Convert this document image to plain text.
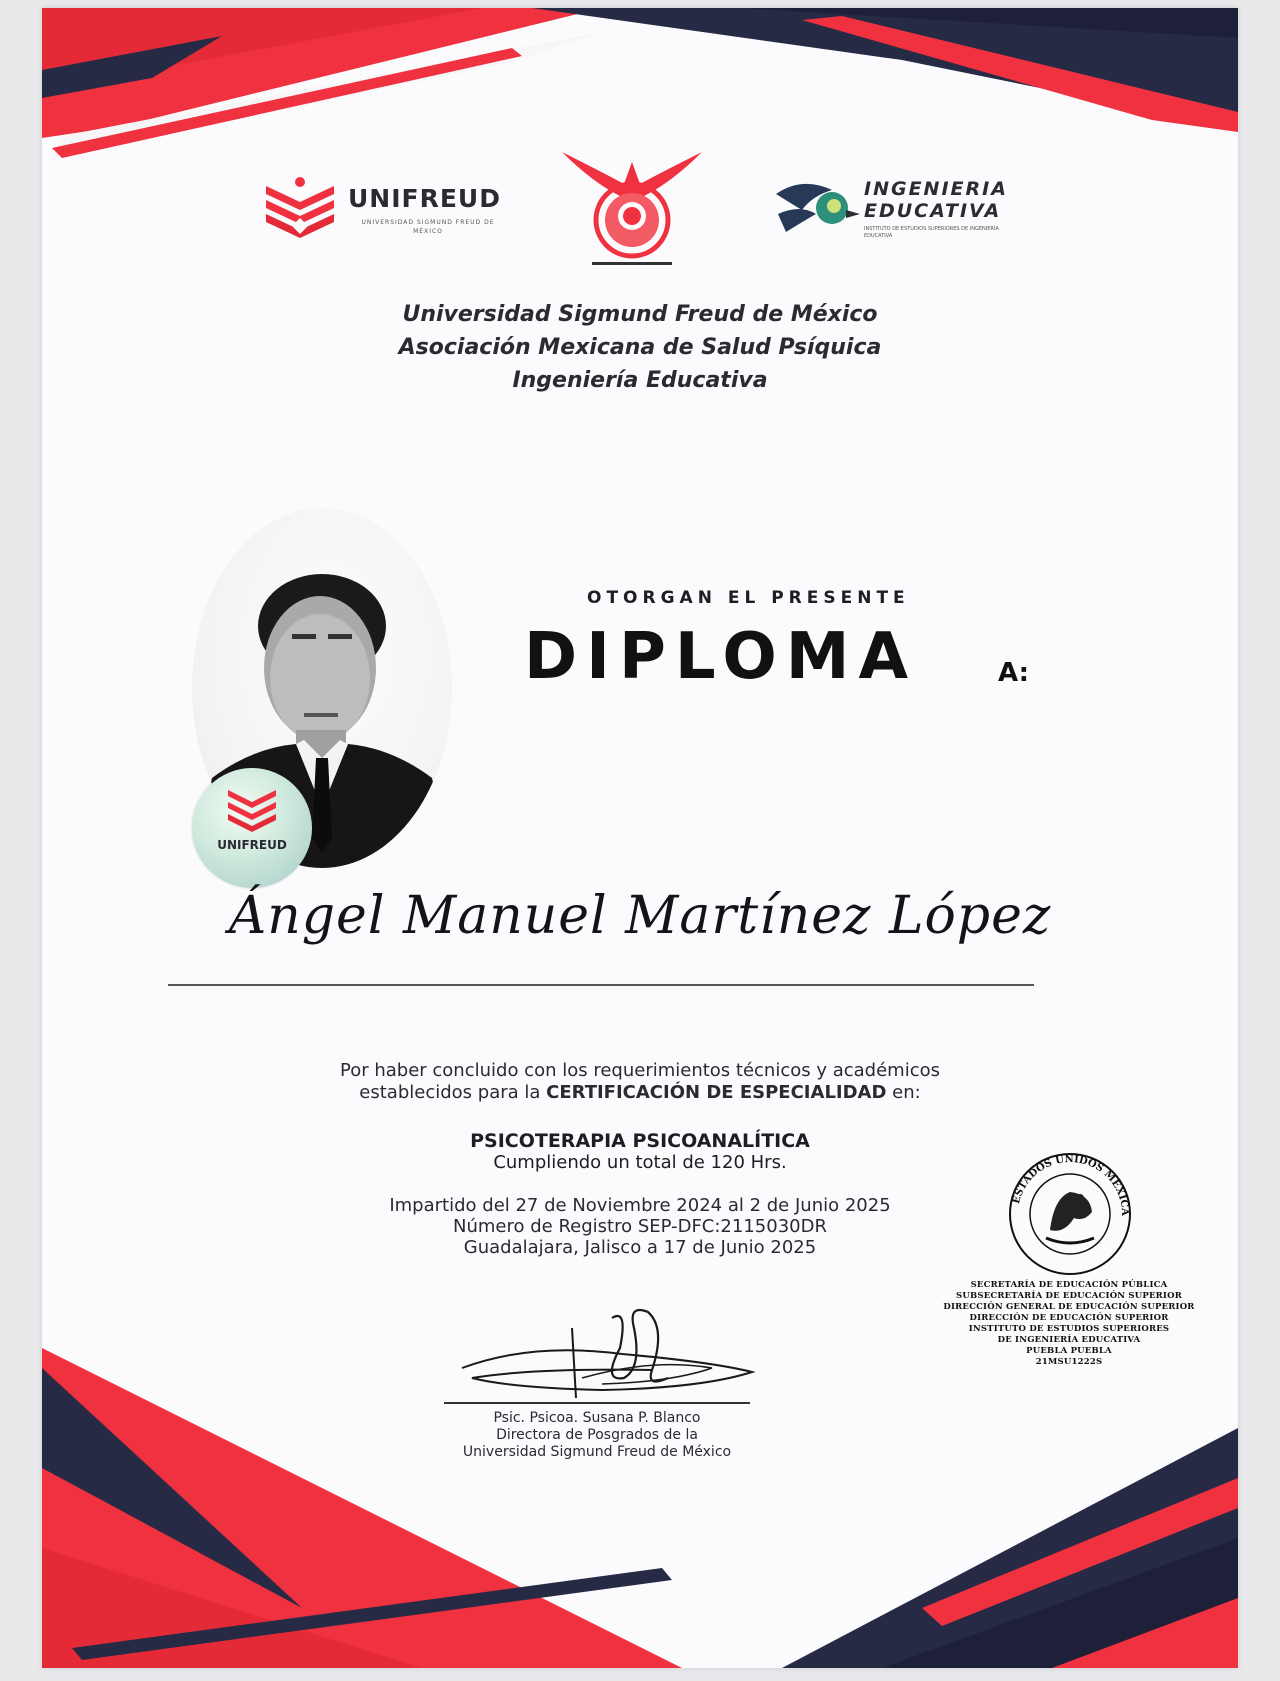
UNIFREUD
UNIVERSIDAD SIGMUND FREUD DE MÉXICO
INGENIERIA
EDUCATIVA
INSTITUTO DE ESTUDIOS SUPERIORES DE INGENIERÍA EDUCATIVA
Universidad Sigmund Freud de México
Asociación Mexicana de Salud Psíquica
Ingeniería Educativa
UNIFREUD
OTORGAN EL PRESENTE
DIPLOMA	A:
Ángel Manuel Martínez López
Por haber concluido con los requerimientos técnicos y académicos
establecidos para la CERTIFICACIÓN DE ESPECIALIDAD en:
PSICOTERAPIA PSICOANALÍTICA
Cumpliendo un total de 120 Hrs.
Impartido del 27 de Noviembre 2024 al 2 de Junio 2025
Número de Registro SEP-DFC:2115030DR
Guadalajara, Jalisco a 17 de Junio 2025
ESTADOS UNIDOS MEXICA
SECRETARÍA DE EDUCACIÓN PÚBLICA
SUBSECRETARÍA DE EDUCACIÓN SUPERIOR
DIRECCIÓN GENERAL DE EDUCACIÓN SUPERIOR
DIRECCIÓN DE EDUCACIÓN SUPERIOR
INSTITUTO DE ESTUDIOS SUPERIORES
DE INGENIERÍA EDUCATIVA
PUEBLA PUEBLA
21MSU1222S
Psic. Psicoa. Susana P. Blanco
Directora de Posgrados de la
Universidad Sigmund Freud de México
